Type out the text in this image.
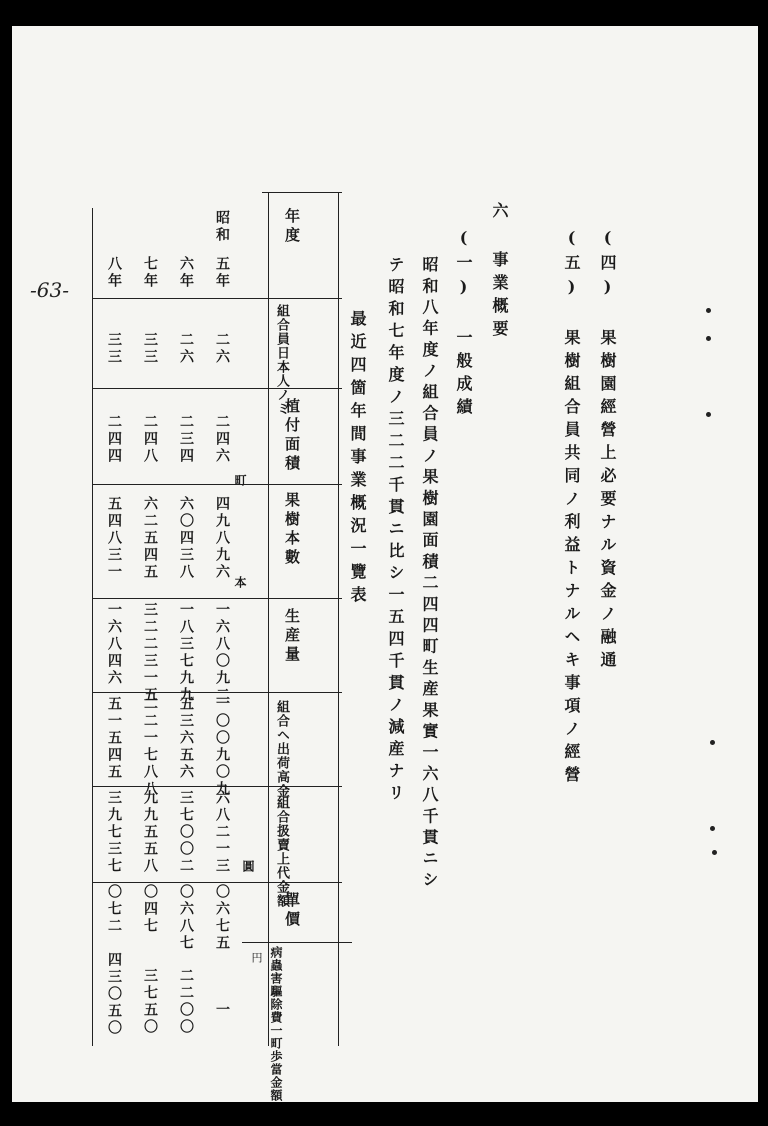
-63-	(四) 果樹園經營上必要ナル資金ノ融通
(五) 果樹組合員共同ノ利益トナルヘキ事項ノ經營
六 事業概要
(一) 一般成績
昭和八年度ノ組合員ノ果樹園面積二四四町生産果實一六八千貫ニシ
テ昭和七年度ノ三二二千貫ニ比シ一五四千貫ノ減産ナリ
最近四箇年間事業概況一覽表
年度
組合員日本人ノミ
植付面積
果樹本數
生産量
組合ヘ出荷高金
組合扱賣上代金額
單價
病蟲害驅除費一町歩當金額
昭和
町
本
圓
円
五年
二六
二四六
四九八九六
一六八〇九二
一〇〇九〇九
六八二一三
〇六七五
一
六年
二六
二三四
六〇四三八
一八三七九九
五三六五六
三七〇〇二
〇六八七
二二〇〇
七年
三三
二四八
六二五四五
三二二三一五
二二一七八八
九九五五八
〇四七
三七五〇
八年
三三
二四四
五四八三一
一六八四六
五一五四五
三九七三七
〇七二
四三〇五〇
